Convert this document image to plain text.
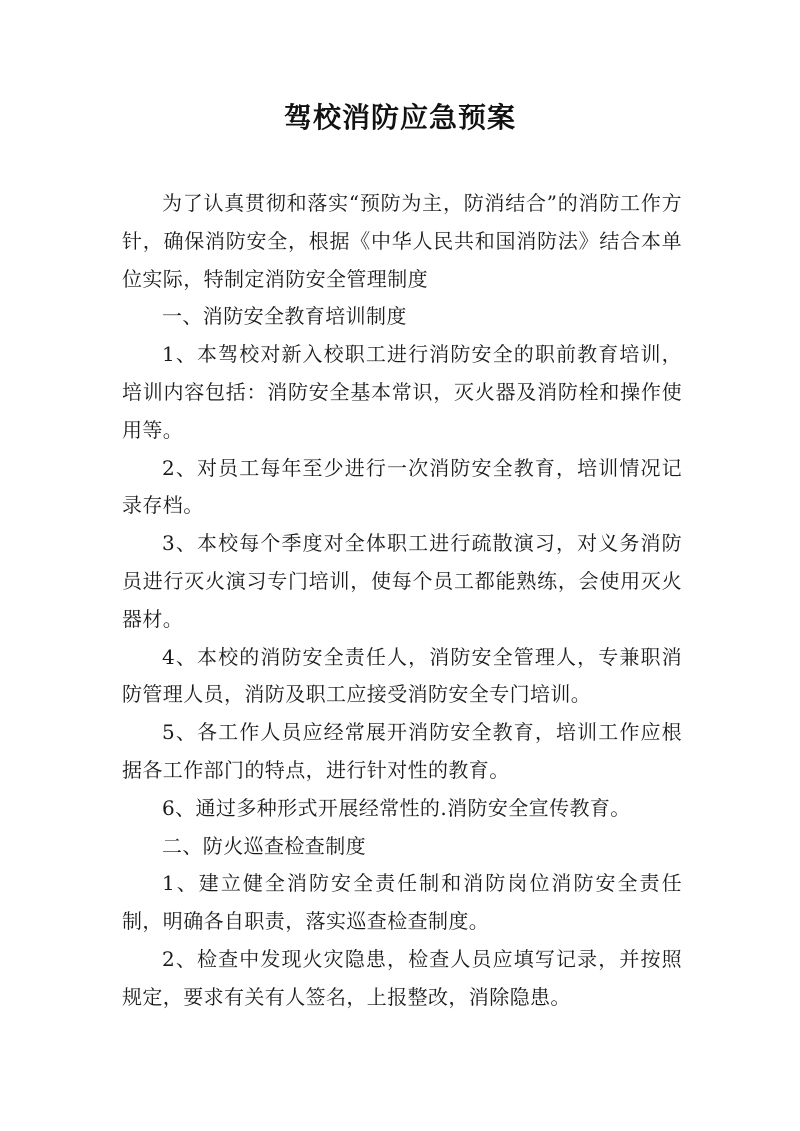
驾校消防应急预案

为了认真贯彻和落实“预防为主，防消结合”的消防工作方针，确保消防安全，根据《中华人民共和国消防法》结合本单位实际，特制定消防安全管理制度

一、消防安全教育培训制度

1、本驾校对新入校职工进行消防安全的职前教育培训，培训内容包括：消防安全基本常识，灭火器及消防栓和操作使用等。

2、对员工每年至少进行一次消防安全教育，培训情况记录存档。

3、本校每个季度对全体职工进行疏散演习，对义务消防员进行灭火演习专门培训，使每个员工都能熟练，会使用灭火器材。

4、本校的消防安全责任人，消防安全管理人，专兼职消防管理人员，消防及职工应接受消防安全专门培训。

5、各工作人员应经常展开消防安全教育，培训工作应根据各工作部门的特点，进行针对性的教育。

6、通过多种形式开展经常性的.消防安全宣传教育。

二、防火巡查检查制度

1、建立健全消防安全责任制和消防岗位消防安全责任制，明确各自职责，落实巡查检查制度。

2、检查中发现火灾隐患，检查人员应填写记录，并按照规定，要求有关有人签名，上报整改，消除隐患。
